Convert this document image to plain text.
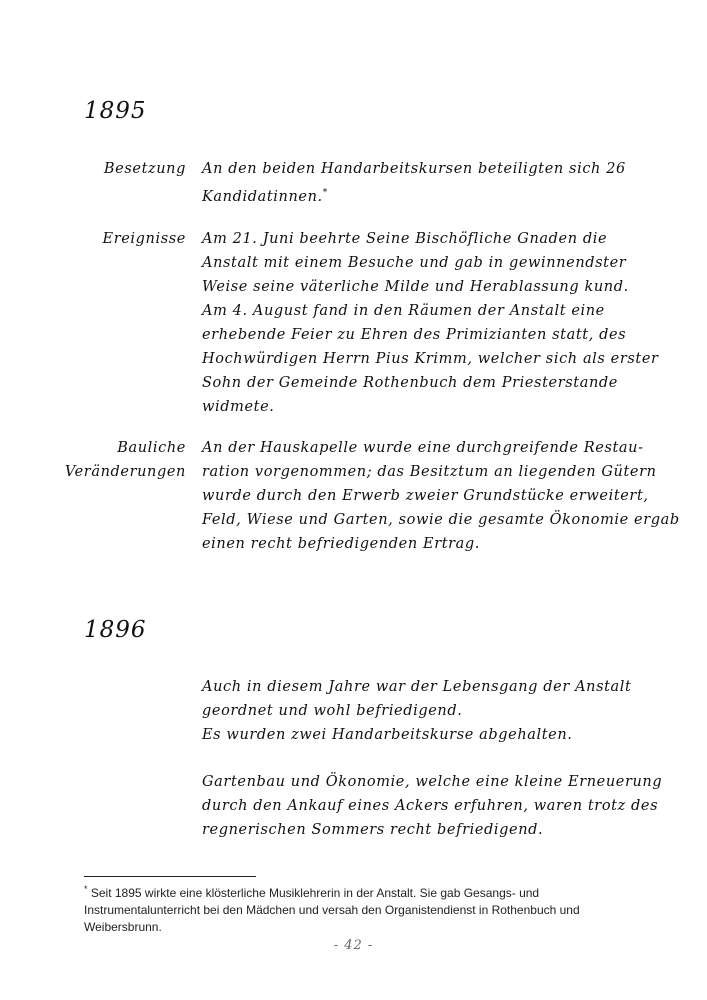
1895
Besetzung An den beiden Handarbeitskursen beteiligten sich 26
Kandidatinnen.*
Ereignisse Am 21. Juni beehrte Seine Bischöfliche Gnaden die
Anstalt mit einem Besuche und gab in gewinnendster
Weise seine väterliche Milde und Herablassung kund.
Am 4. August fand in den Räumen der Anstalt eine
erhebende Feier zu Ehren des Primizianten statt, des
Hochwürdigen Herrn Pius Krimm, welcher sich als erster
Sohn der Gemeinde Rothenbuch dem Priesterstande
widmete.
Bauliche
Veränderungen
An der Hauskapelle wurde eine durchgreifende Restau-
ration vorgenommen; das Besitztum an liegenden Gütern
wurde durch den Erwerb zweier Grundstücke erweitert,
Feld, Wiese und Garten, sowie die gesamte Ökonomie ergab
einen recht befriedigenden Ertrag.
1896
Auch in diesem Jahre war der Lebensgang der Anstalt
geordnet und wohl befriedigend.
Es wurden zwei Handarbeitskurse abgehalten.
Gartenbau und Ökonomie, welche eine kleine Erneuerung
durch den Ankauf eines Ackers erfuhren, waren trotz des
regnerischen Sommers recht befriedigend.
* Seit 1895 wirkte eine klösterliche Musiklehrerin in der Anstalt. Sie gab Gesangs- und
Instrumentalunterricht bei den Mädchen und versah den Organistendienst in Rothenbuch und
Weibersbrunn.
- 42 -
